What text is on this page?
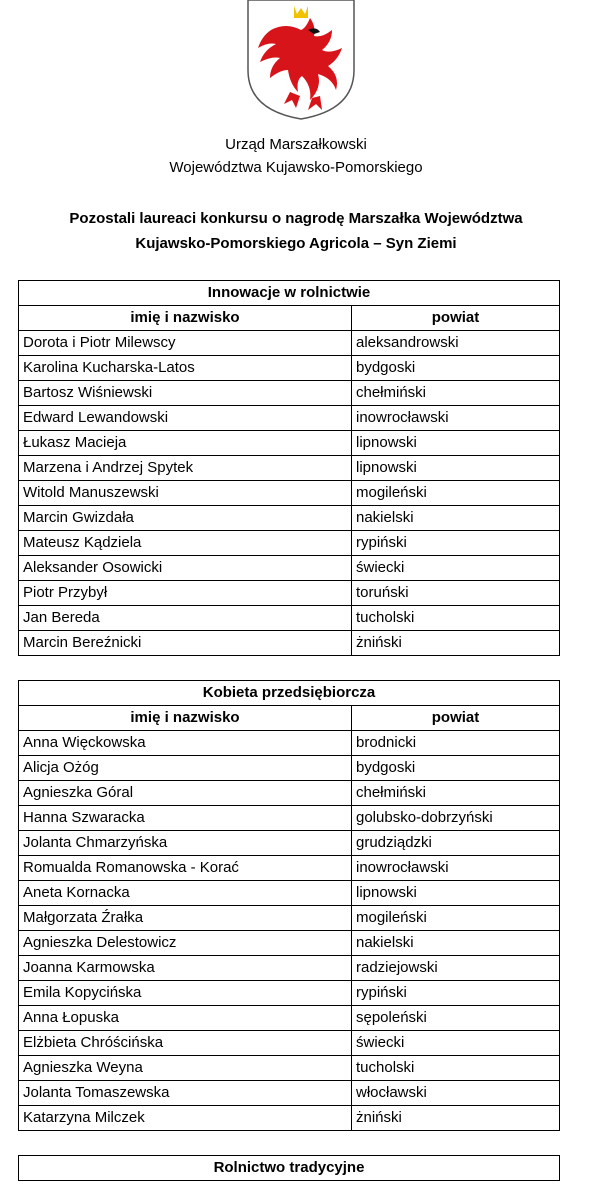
Urząd Marszałkowski
Województwa Kujawsko-Pomorskiego
Pozostali laureaci konkursu o nagrodę Marszałka Województwa
Kujawsko-Pomorskiego Agricola – Syn Ziemi
Innowacje w rolnictwie	
imię i nazwisko	powiat
Dorota i Piotr Milewscy	aleksandrowski
Karolina Kucharska-Latos	bydgoski
Bartosz Wiśniewski	chełmiński
Edward Lewandowski	inowrocławski
Łukasz Macieja	lipnowski
Marzena i Andrzej Spytek	lipnowski
Witold Manuszewski	mogileński
Marcin Gwizdała	nakielski
Mateusz Kądziela	rypiński
Aleksander Osowicki	świecki
Piotr Przybył	toruński
Jan Bereda	tucholski
Marcin Bereźnicki	żniński
Kobieta przedsiębiorcza	
imię i nazwisko	powiat
Anna Więckowska	brodnicki
Alicja Ożóg	bydgoski
Agnieszka Góral	chełmiński
Hanna Szwaracka	golubsko-dobrzyński
Jolanta Chmarzyńska	grudziądzki
Romualda Romanowska - Korać	inowrocławski
Aneta Kornacka	lipnowski
Małgorzata Źrałka	mogileński
Agnieszka Delestowicz	nakielski
Joanna Karmowska	radziejowski
Emila Kopycińska	rypiński
Anna Łopuska	sępoleński
Elżbieta Chróścińska	świecki
Agnieszka Weyna	tucholski
Jolanta Tomaszewska	włocławski
Katarzyna Milczek	żniński
Rolnictwo tradycyjne
